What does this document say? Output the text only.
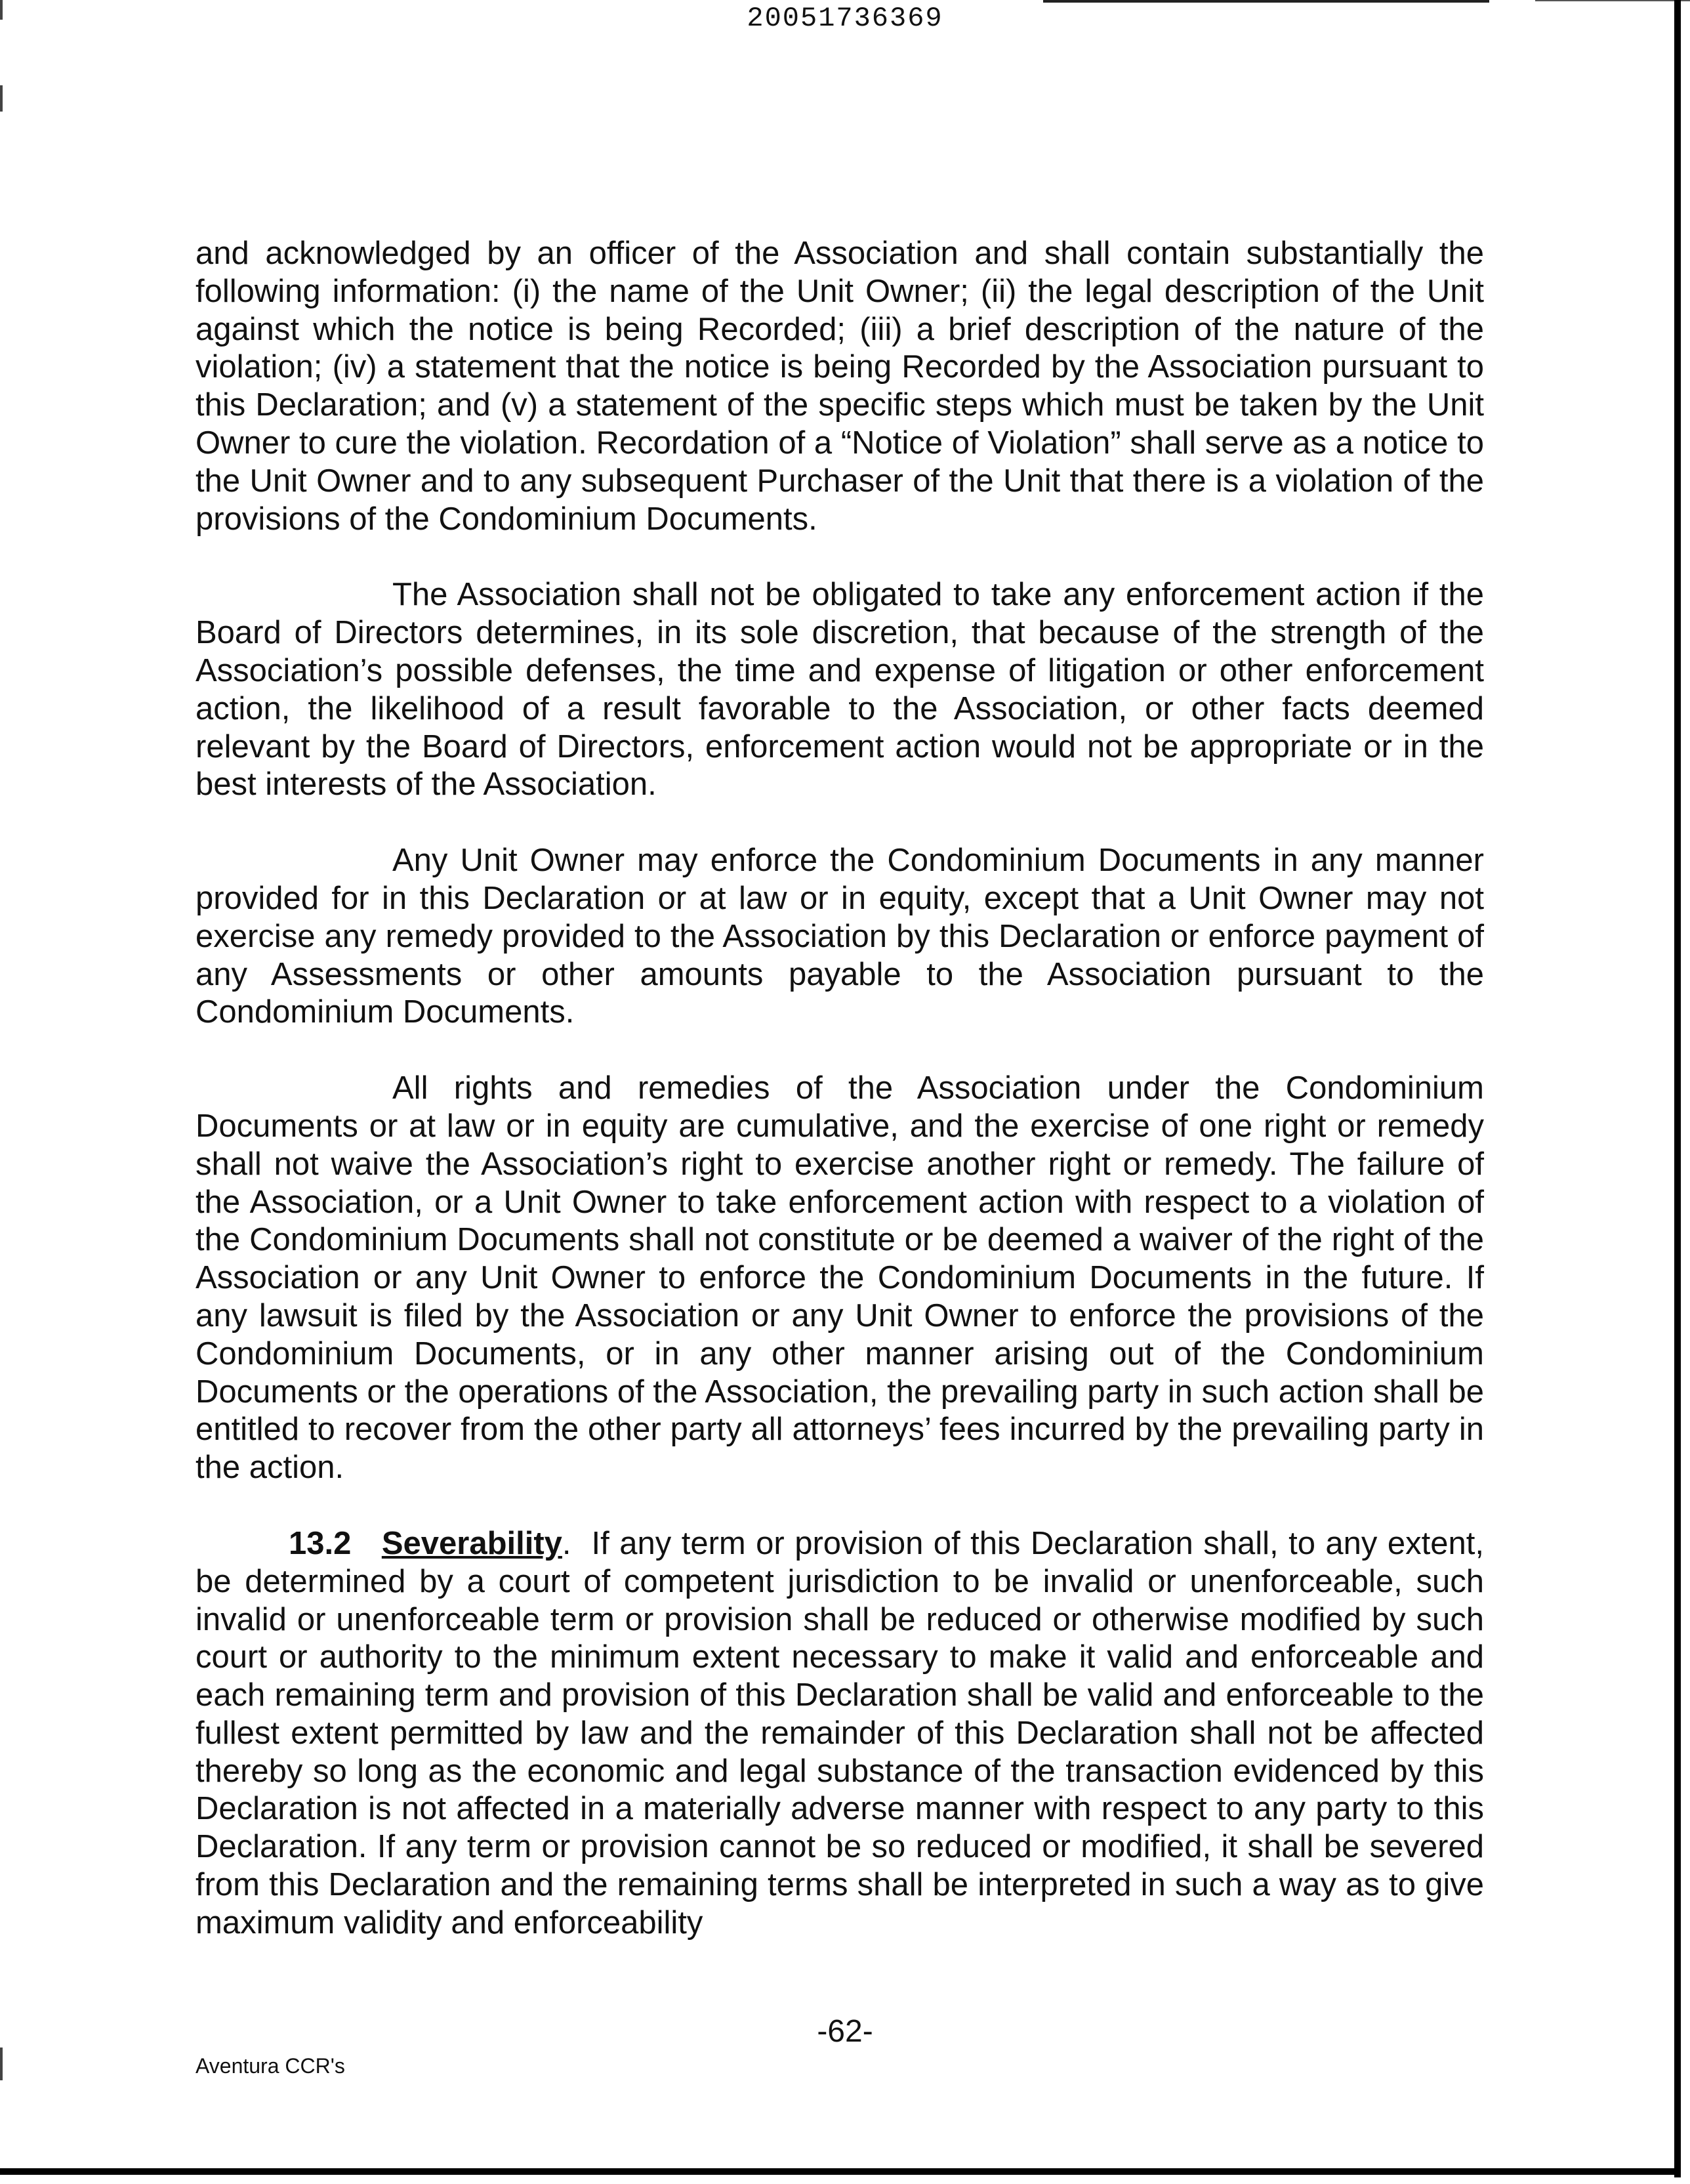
20051736369

and acknowledged by an officer of the Association and shall contain substantially the following information: (i) the name of the Unit Owner; (ii) the legal description of the Unit against which the notice is being Recorded; (iii) a brief description of the nature of the violation; (iv) a statement that the notice is being Recorded by the Association pursuant to this Declaration; and (v) a statement of the specific steps which must be taken by the Unit Owner to cure the violation. Recordation of a “Notice of Violation” shall serve as a notice to the Unit Owner and to any subsequent Purchaser of the Unit that there is a violation of the provisions of the Condominium Documents.

The Association shall not be obligated to take any enforcement action if the Board of Directors determines, in its sole discretion, that because of the strength of the Association’s possible defenses, the time and expense of litigation or other enforcement action, the likelihood of a result favorable to the Association, or other facts deemed relevant by the Board of Directors, enforcement action would not be appropriate or in the best interests of the Association.

Any Unit Owner may enforce the Condominium Documents in any manner provided for in this Declaration or at law or in equity, except that a Unit Owner may not exercise any remedy provided to the Association by this Declaration or enforce payment of any Assessments or other amounts payable to the Association pursuant to the Condominium Documents.

All rights and remedies of the Association under the Condominium Documents or at law or in equity are cumulative, and the exercise of one right or remedy shall not waive the Association’s right to exercise another right or remedy. The failure of the Association, or a Unit Owner to take enforcement action with respect to a violation of the Condominium Documents shall not constitute or be deemed a waiver of the right of the Association or any Unit Owner to enforce the Condominium Documents in the future. If any lawsuit is filed by the Association or any Unit Owner to enforce the provisions of the Condominium Documents, or in any other manner arising out of the Condominium Documents or the operations of the Association, the prevailing party in such action shall be entitled to recover from the other party all attorneys’ fees incurred by the prevailing party in the action.

13.2 Severability. If any term or provision of this Declaration shall, to any extent, be determined by a court of competent jurisdiction to be invalid or unenforceable, such invalid or unenforceable term or provision shall be reduced or otherwise modified by such court or authority to the minimum extent necessary to make it valid and enforceable and each remaining term and provision of this Declaration shall be valid and enforceable to the fullest extent permitted by law and the remainder of this Declaration shall not be affected thereby so long as the economic and legal substance of the transaction evidenced by this Declaration is not affected in a materially adverse manner with respect to any party to this Declaration. If any term or provision cannot be so reduced or modified, it shall be severed from this Declaration and the remaining terms shall be interpreted in such a way as to give maximum validity and enforceability

-62-
Aventura CCR's
